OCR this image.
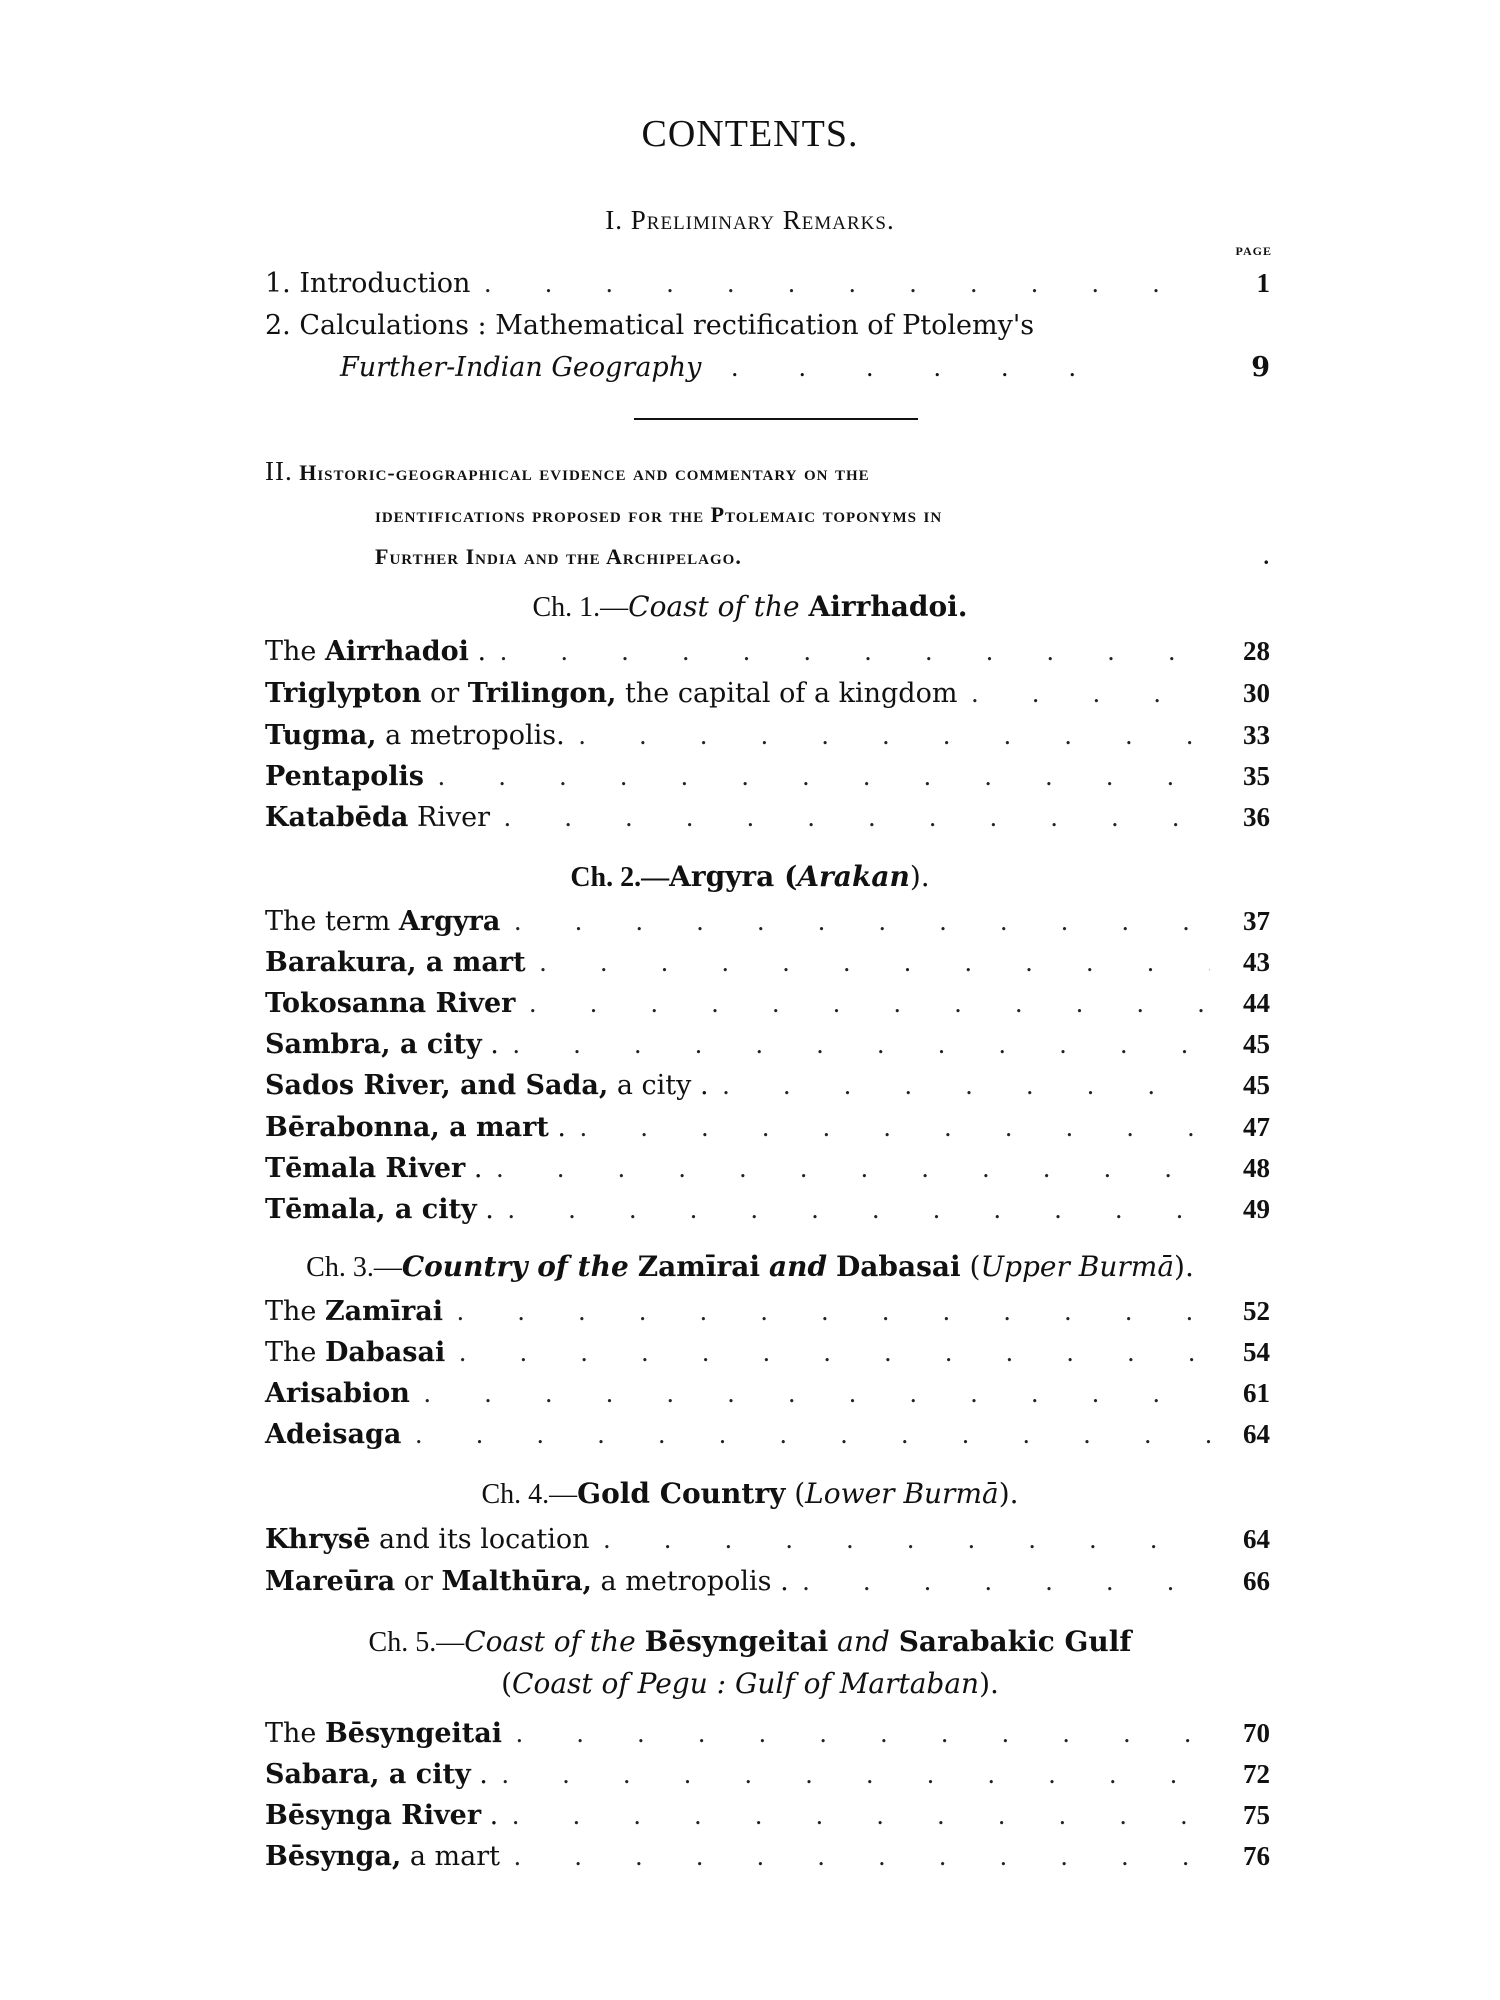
CONTENTS.
I. Preliminary Remarks.
PAGE
1. Introduction .	1
2. Calculations : Mathematical rectification of Ptolemy's
Further-Indian Geography	.         .         .         .         .         .	9
II. Historic-geographical evidence and commentary on the
identifications proposed for the Ptolemaic toponyms in
Further India and the Archipelago.	.
Ch. 1.—Coast of the Airrhadoi.
The Airrhadoi . .	28
Triglypton or Trilingon, the capital of a kingdom .	30
Tugma, a metropolis. .	33
Pentapolis .	35
Katabēda River .	36
Ch. 2.—Argyra (Arakan).
The term Argyra .	37
Barakura, a mart .	43
Tokosanna River .	44
Sambra, a city . .	45
Sados River, and Sada, a city . .	45
Bērabonna, a mart . .	47
Tēmala River . .	48
Tēmala, a city . .	49
Ch. 3.—Country of the Zamīrai and Dabasai (Upper Burmā).
The Zamīrai .	52
The Dabasai .	54
Arisabion .	61
Adeisaga .	64
Ch. 4.—Gold Country (Lower Burmā).
Khrysē and its location .	64
Mareūra or Malthūra, a metropolis . .	66
Ch. 5.—Coast of the Bēsyngeitai and Sarabakic Gulf
(Coast of Pegu : Gulf of Martaban).
The Bēsyngeitai .	70
Sabara, a city . .	72
Bēsynga River . .	75
Bēsynga, a mart .	76
